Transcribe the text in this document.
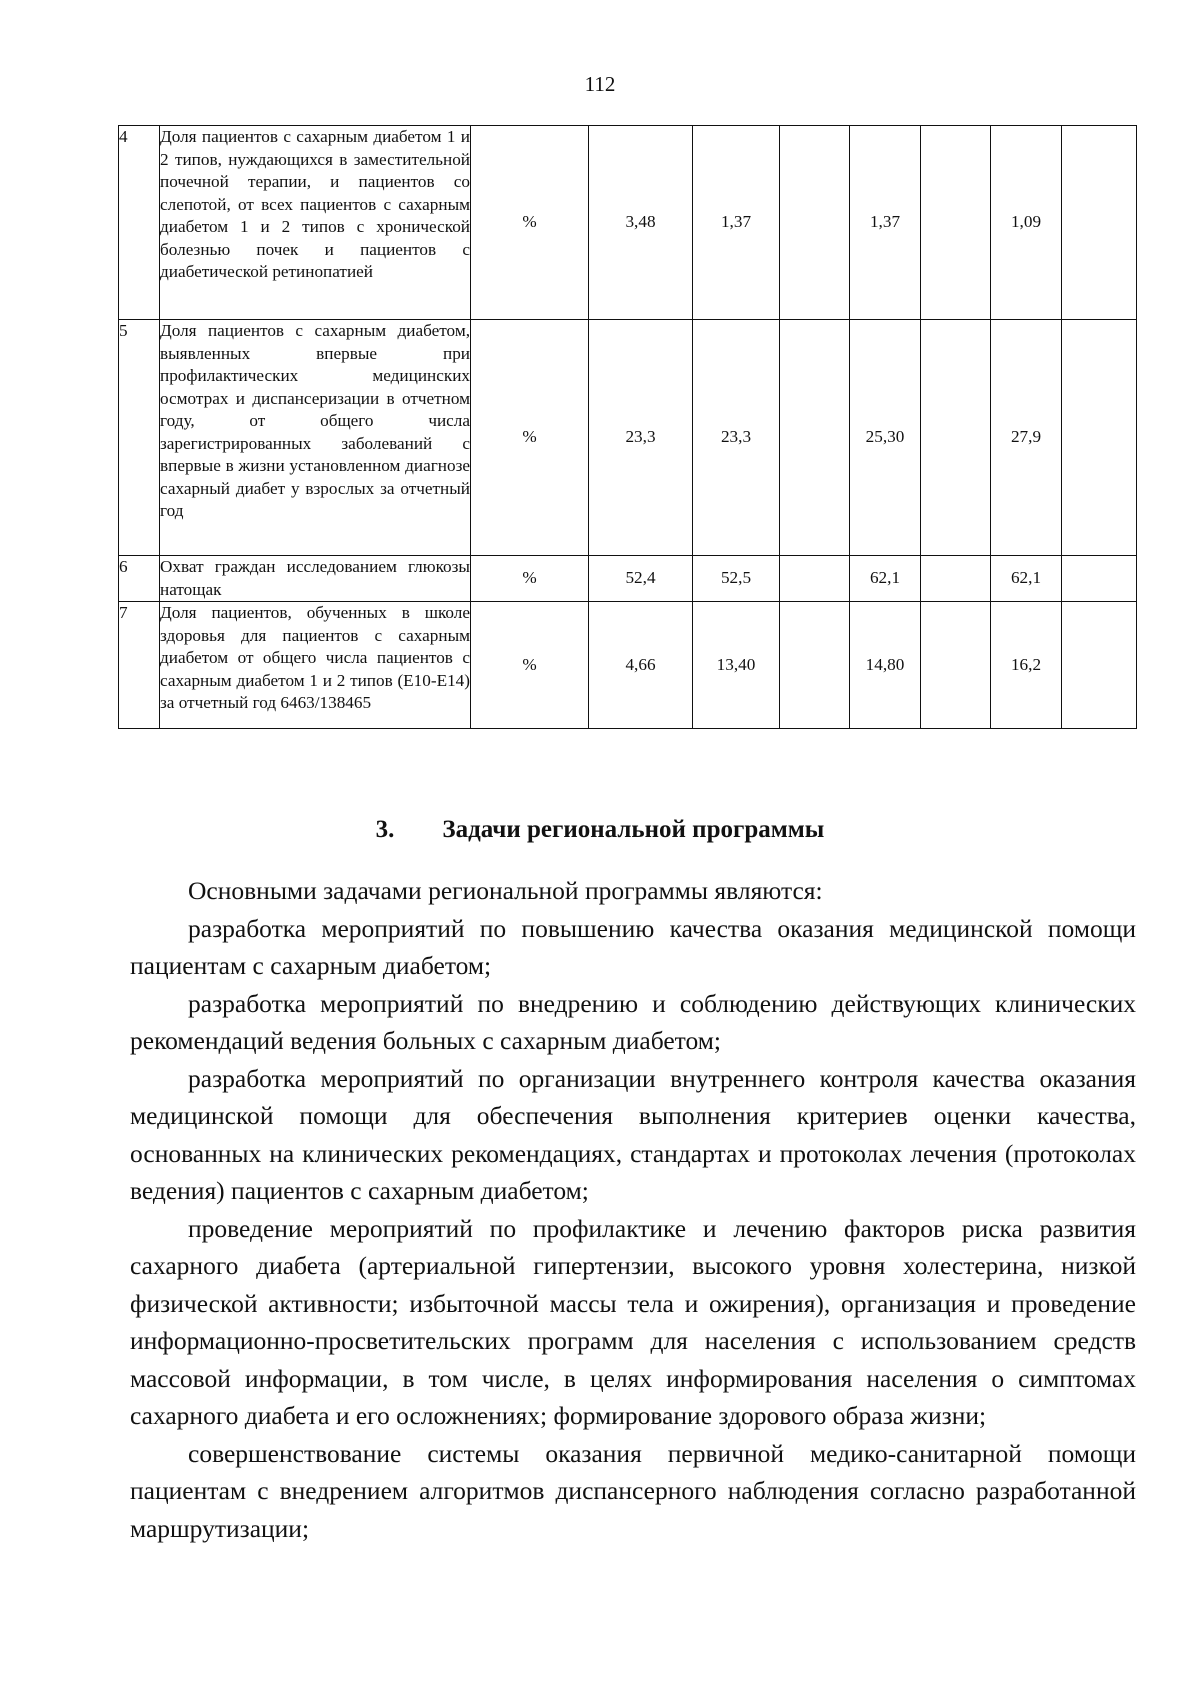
112
4	Доля пациентов с сахарным диабетом 1 и 2 типов, нуждающихся в заместительной почечной терапии, и пациентов со слепотой, от всех пациентов с сахарным диабетом 1 и 2 типов с хронической болезнью почек и пациентов с диабетической ретинопатией	%	3,48	1,37		1,37		1,09	
5	Доля пациентов с сахарным диабетом, выявленных впервые при профилактических медицинских осмотрах и диспансеризации в отчетном году, от общего числа зарегистрированных заболеваний с впервые в жизни установленном диагнозе сахарный диабет у взрослых за отчетный год	%	23,3	23,3		25,30		27,9	
6	Охват граждан исследованием глюкозы натощак	%	52,4	52,5		62,1		62,1	
7	Доля пациентов, обученных в школе здоровья для пациентов с сахарным диабетом от общего числа пациентов с сахарным диабетом 1 и 2 типов (Е10-Е14) за отчетный год 6463/138465	%	4,66	13,40		14,80		16,2	
3. Задачи региональной программы

Основными задачами региональной программы являются:

разработка мероприятий по повышению качества оказания медицинской помощи пациентам с сахарным диабетом;

разработка мероприятий по внедрению и соблюдению действующих клинических рекомендаций ведения больных с сахарным диабетом;

разработка мероприятий по организации внутреннего контроля качества оказания медицинской помощи для обеспечения выполнения критериев оценки качества, основанных на клинических рекомендациях, стандартах и протоколах лечения (протоколах ведения) пациентов с сахарным диабетом;

проведение мероприятий по профилактике и лечению факторов риска развития сахарного диабета (артериальной гипертензии, высокого уровня холестерина, низкой физической активности; избыточной массы тела и ожирения), организация и проведение информационно-просветительских программ для населения с использованием средств массовой информации, в том числе, в целях информирования населения о симптомах сахарного диабета и его осложнениях; формирование здорового образа жизни;

совершенствование системы оказания первичной медико-санитарной помощи пациентам с внедрением алгоритмов диспансерного наблюдения согласно разработанной маршрутизации;
